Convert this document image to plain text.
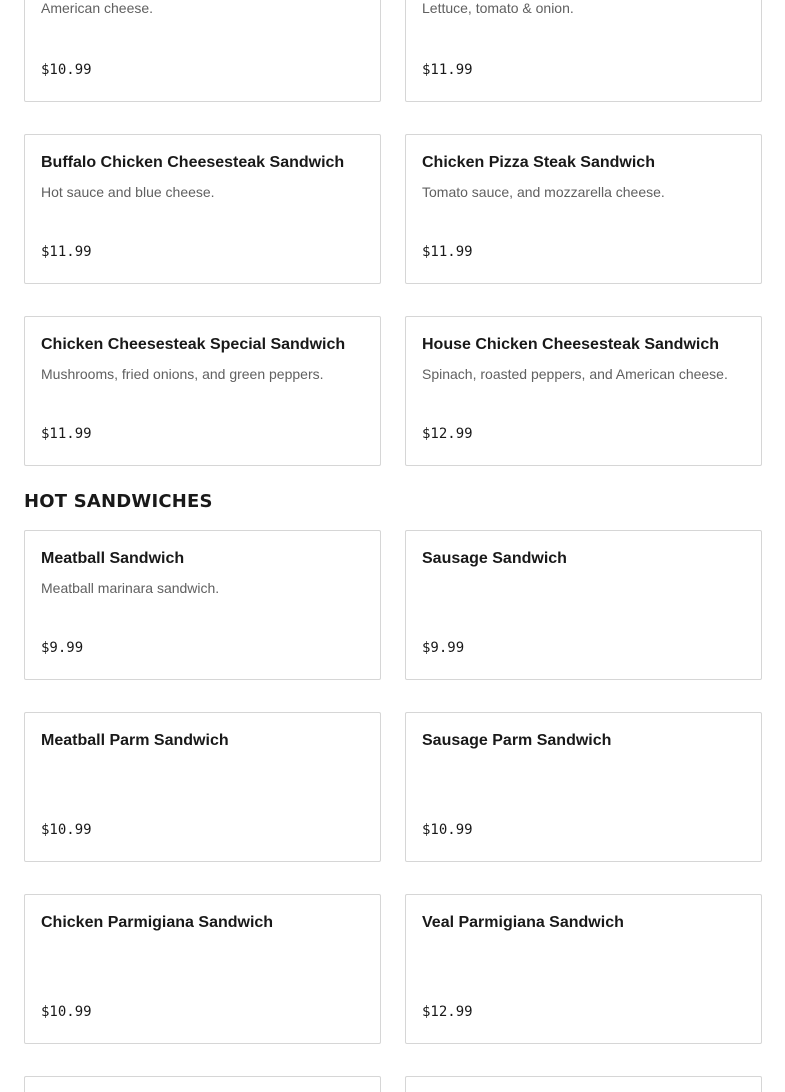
American cheese.
$10.99
Lettuce, tomato & onion.
$11.99
Buffalo Chicken Cheesesteak Sandwich
Hot sauce and blue cheese.
$11.99
Chicken Pizza Steak Sandwich
Tomato sauce, and mozzarella cheese.
$11.99
Chicken Cheesesteak Special Sandwich
Mushrooms, fried onions, and green peppers.
$11.99
House Chicken Cheesesteak Sandwich
Spinach, roasted peppers, and American cheese.
$12.99
HOT SANDWICHES
Meatball Sandwich
Meatball marinara sandwich.
$9.99
Sausage Sandwich
$9.99
Meatball Parm Sandwich
$10.99
Sausage Parm Sandwich
$10.99
Chicken Parmigiana Sandwich
$10.99
Veal Parmigiana Sandwich
$12.99
